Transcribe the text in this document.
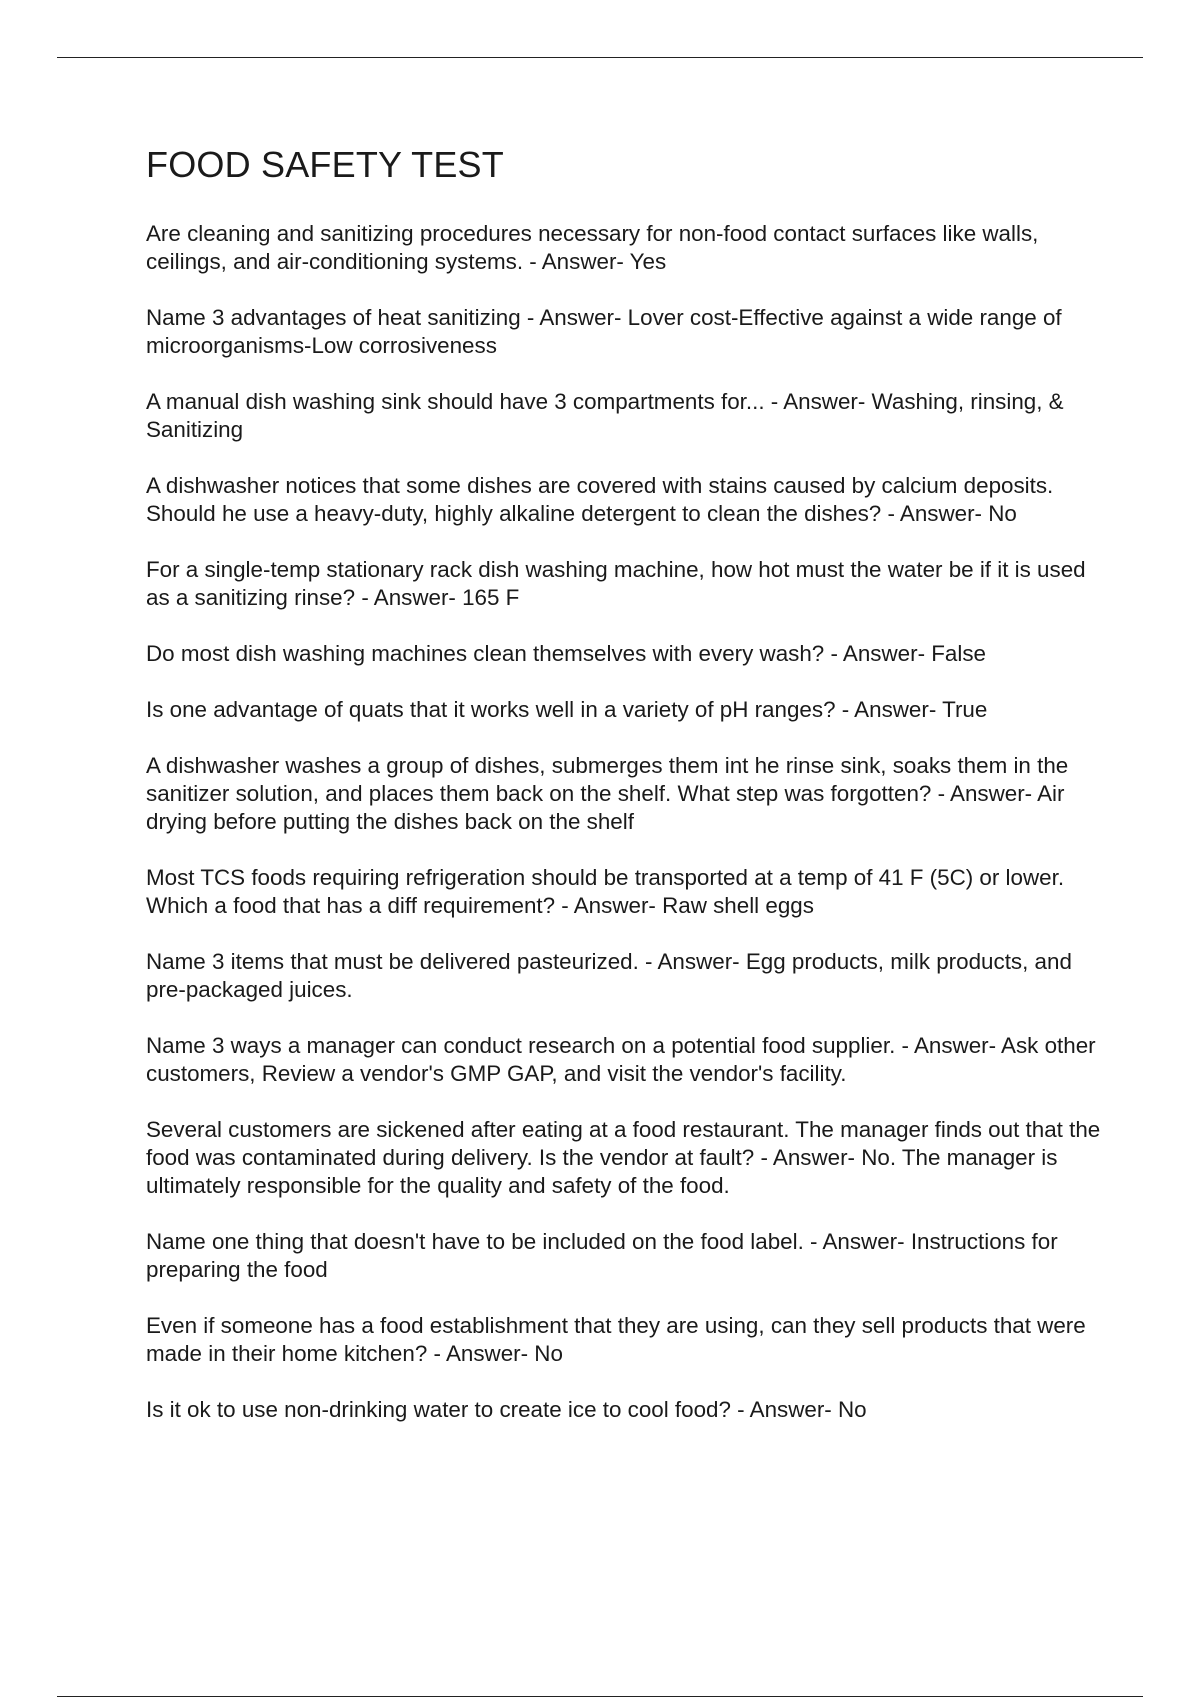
FOOD SAFETY TEST

Are cleaning and sanitizing procedures necessary for non-food contact surfaces like walls, ceilings, and air-conditioning systems. - Answer- Yes

Name 3 advantages of heat sanitizing - Answer- Lover cost-Effective against a wide range of microorganisms-Low corrosiveness

A manual dish washing sink should have 3 compartments for... - Answer- Washing, rinsing, & Sanitizing

A dishwasher notices that some dishes are covered with stains caused by calcium deposits. Should he use a heavy-duty, highly alkaline detergent to clean the dishes? - Answer- No

For a single-temp stationary rack dish washing machine, how hot must the water be if it is used as a sanitizing rinse? - Answer- 165 F

Do most dish washing machines clean themselves with every wash? - Answer- False

Is one advantage of quats that it works well in a variety of pH ranges? - Answer- True

A dishwasher washes a group of dishes, submerges them int he rinse sink, soaks them in the sanitizer solution, and places them back on the shelf. What step was forgotten? - Answer- Air drying before putting the dishes back on the shelf

Most TCS foods requiring refrigeration should be transported at a temp of 41 F (5C) or lower. Which a food that has a diff requirement? - Answer- Raw shell eggs

Name 3 items that must be delivered pasteurized. - Answer- Egg products, milk products, and pre-packaged juices.

Name 3 ways a manager can conduct research on a potential food supplier. - Answer- Ask other customers, Review a vendor's GMP GAP, and visit the vendor's facility.

Several customers are sickened after eating at a food restaurant. The manager finds out that the food was contaminated during delivery. Is the vendor at fault? - Answer- No. The manager is ultimately responsible for the quality and safety of the food.

Name one thing that doesn't have to be included on the food label. - Answer- Instructions for preparing the food

Even if someone has a food establishment that they are using, can they sell products that were made in their home kitchen? - Answer- No

Is it ok to use non-drinking water to create ice to cool food? - Answer- No
